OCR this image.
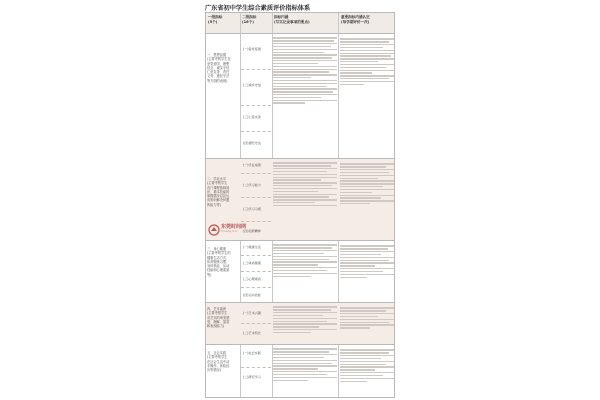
广东省初中学生综合素质评价指标体系
一级指标
(5个)
二级指标
(16个)
指标内涵
(写实记录事项的要点)
重要指标内涵认定
(每学期评价一次)
一、思想品德
(主要考察学生在
爱党爱国、理想
信念、诚实守信、
仁爱友善、责任
义务、遵纪守法
等方面的表现)
(一)爱党爱国
(二)诚实守信
(三)仁爱友善
(四)遵纪守法
二、学业水平
(主要考察学生
各门课程基础知
识、基本技能的
掌握情况以及运
用知识解决问题
的能力等)
(一)学业成绩
(二)学习能力
(三)学习习惯
(四)创新精神
三、身心健康
(主要考察学生的
健康生活方式、
体育锻炼习惯、
身体机能、运动
技能和心理素质
等)
(一)健康生活
(二)体质健康
(三)心理素质
(四)运动技能
四、艺术素养
(主要考察学生
对艺术的审美感
受、理解、鉴赏
和表现能力)
(一)艺术兴趣
(二)艺术特长
五、社会实践
(主要考察学生
在社会生活中动
手操作、体验经
历等情况)
(一)社会实践
(二)研究学习
东莞时间网
timedg.com
